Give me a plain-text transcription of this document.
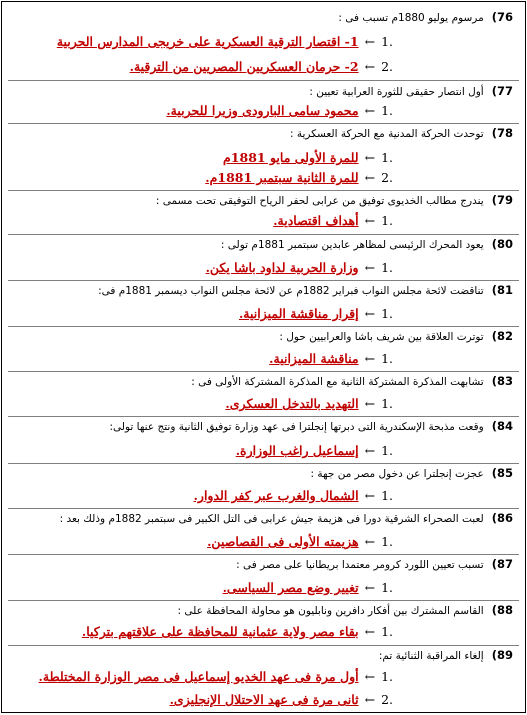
76)مرسوم يوليو 1880م تسبب فى :
.1←1- اقتصار الترقية العسكرية على خريجى المدارس الحربية
.2←2- حرمان العسكريين المصريين من الترقية.
77)أول انتصار حقيقى للثورة العرابية تعيين :
.1←محمود سامى البارودى وزيرا للحربية.
78)توحدت الحركة المدنية مع الحركة العسكرية :
.1←للمرة الأولى مايو 1881م
.2←للمرة الثانية سبتمبر 1881م.
79)يندرج مطالب الخديوى توفيق من عرابى لحفر الرياح التوفيقى تحت مسمى :
.1←أهداف اقتصادية.
80)يعود المحرك الرئيسى لمظاهر عابدين سبتمبر 1881م تولى :
.1←وزارة الحربية لداود باشا يكن.
81)تناقضت لائحة مجلس النواب فبراير 1882م عن لائحة مجلس النواب ديسمبر 1881م فى:
.1←إقرار مناقشة الميزانية.
82)توترت العلاقة بين شريف باشا والعرابيين حول :
.1←مناقشة الميزانية.
83)تشابهت المذكرة المشتركة الثانية مع المذكرة المشتركة الأولى فى :
.1←التهديد بالتدخل العسكرى.
84)وقعت مذبحة الإسكندرية التى دبرتها إنجلترا فى عهد وزارة توفيق الثانية ونتج عنها تولى:
.1←إسماعيل راغب الوزارة.
85)عجزت إنجلترا عن دخول مصر من جهة :
.1←الشمال والغرب عبر كفر الدوار.
86)لعبت الصحراء الشرقية دورا فى هزيمة جيش عرابى فى التل الكبير فى سبتمبر 1882م وذلك بعد :
.1←هزيمته الأولى فى القصاصين.
87)تسبب تعيين اللورد كرومر معتمدا بريطانيا على مصر فى :
.1←تغيير وضع مصر السياسى.
88)القاسم المشترك بين أفكار دافرين ونابليون هو محاولة المحافظة على :
.1←بقاء مصر ولاية عثمانية للمحافظة على علاقتهم بتركيا.
89)إلغاء المراقبة الثنائية تم:
.1←أول مرة فى عهد الخديو إسماعيل فى مصر الوزارة المختلطة.
.2←ثانى مرة فى عهد الاحتلال الإنجليزى.
